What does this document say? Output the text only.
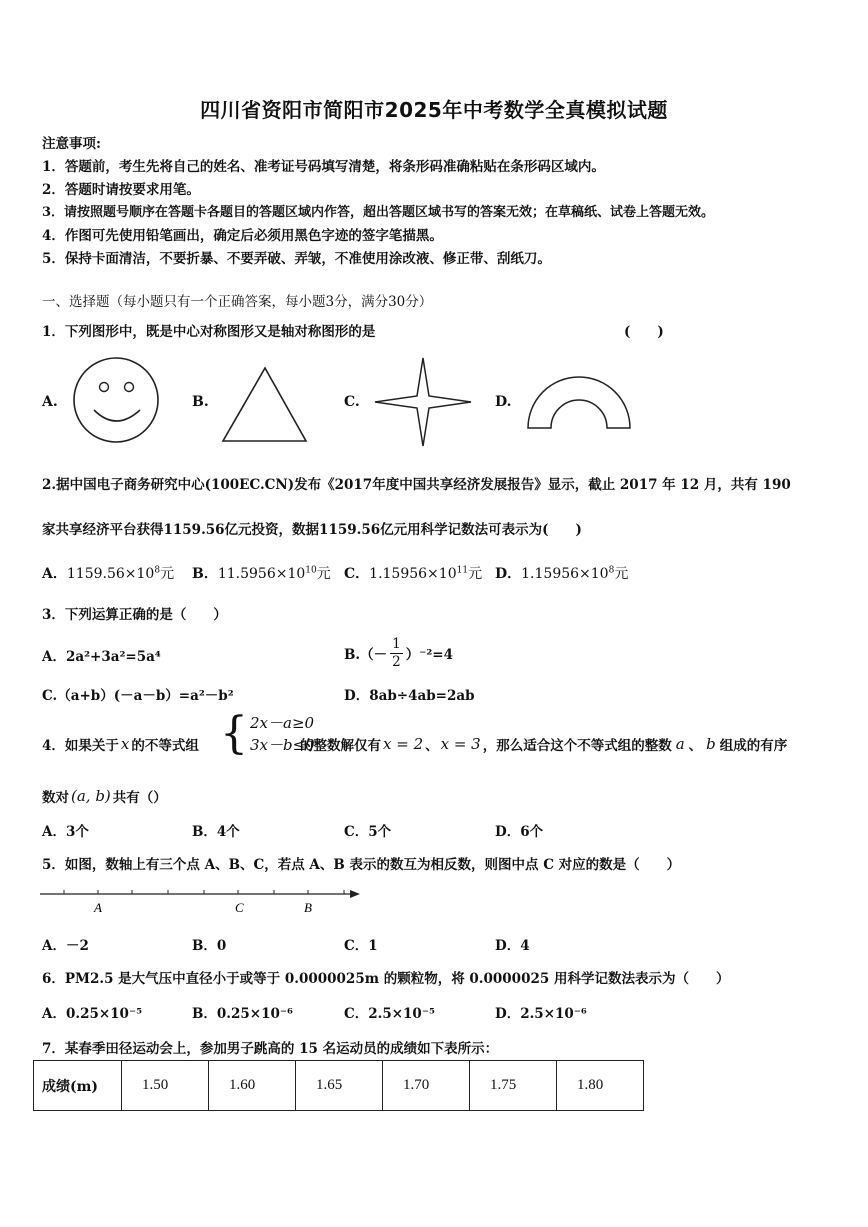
四川省资阳市简阳市2025年中考数学全真模拟试题
注意事项:
1．答题前，考生先将自己的姓名、准考证号码填写清楚，将条形码准确粘贴在条形码区域内。
2．答题时请按要求用笔。
3．请按照题号顺序在答题卡各题目的答题区域内作答，超出答题区域书写的答案无效；在草稿纸、试卷上答题无效。
4．作图可先使用铅笔画出，确定后必须用黑色字迹的签字笔描黑。
5．保持卡面清洁，不要折暴、不要弄破、弄皱，不准使用涂改液、修正带、刮纸刀。
一、选择题（每小题只有一个正确答案，每小题3分，满分30分）
1．下列图形中，既是中心对称图形又是轴对称图形的是	(　　)
A.	B.	C.	D.
2.据中国电子商务研究中心(100EC.CN)发布《2017年度中国共享经济发展报告》显示，截止 2017 年 12 月，共有 190
家共享经济平台获得1159.56亿元投资，数据1159.56亿元用科学记数法可表示为(　　)
A．$1159.56\times 10^8$元 B．$11.5956\times 10^{10}$元 C．$1.15956\times 10^{11}$元 D．$1.15956\times 10^8$元
3．下列运算正确的是（　　）
A．2a²+3a²=5a⁴	B.（－
1
2 ）⁻²=4
C.（a+b）(－a－b）=a²－b²	D．8ab÷4ab=2ab
4．如果关于 x 的不等式组 { 2x－a≥0
3x－b≤0
的整数解仅有 x = 2 、 x = 3 ，那么适合这个不等式组的整数 a 、 b 组成的有序
数对 (a, b) 共有（）
A．3个	B．4个	C．5个	D．6个
5．如图，数轴上有三个点 A、B、C，若点 A、B 表示的数互为相反数，则图中点 C 对应的数是（　　）
A	C	B
A．－2	B．0	C．1	D．4
6．PM2.5 是大气压中直径小于或等于 0.0000025m 的颗粒物，将 0.0000025 用科学记数法表示为（　　）
A．0.25×10⁻⁵	B．0.25×10⁻⁶	C．2.5×10⁻⁵	D．2.5×10⁻⁶
7．某春季田径运动会上，参加男子跳高的 15 名运动员的成绩如下表所示：
成绩(m)	1.50	1.60	1.65	1.70	1.75	1.80
